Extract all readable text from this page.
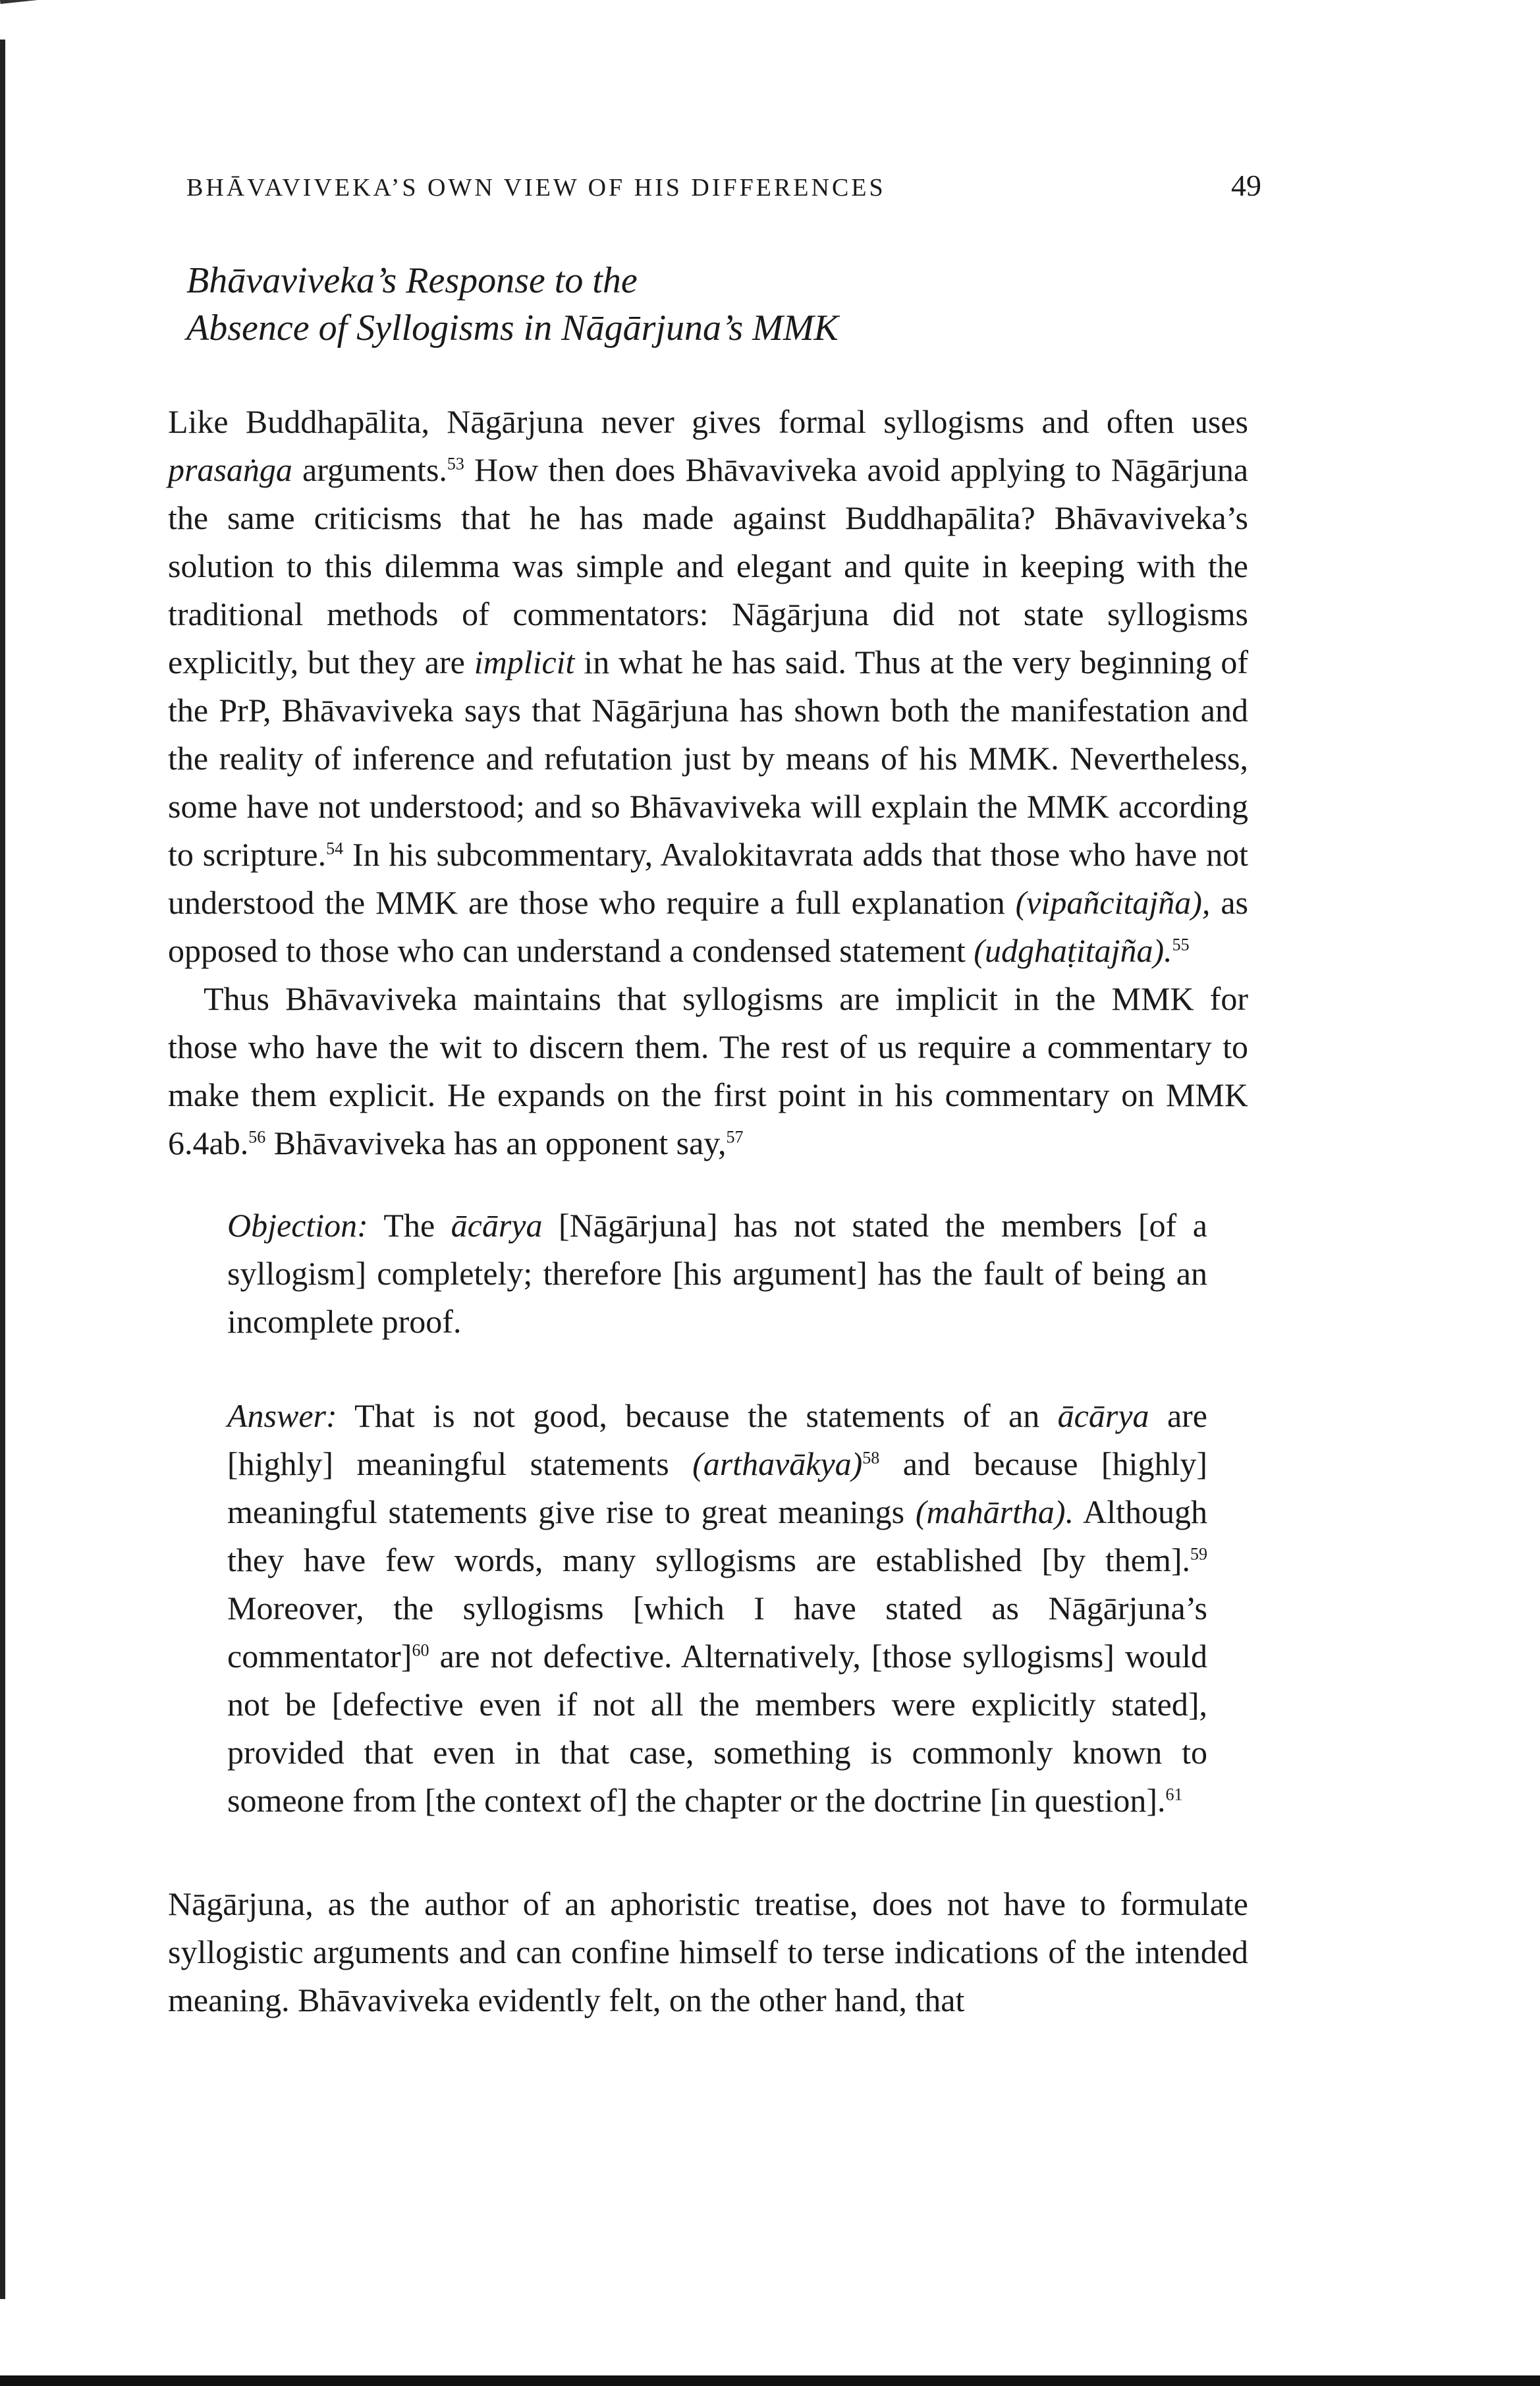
BHĀVAVIVEKA’S OWN VIEW OF HIS DIFFERENCES	49
Bhāvaviveka’s Response to the
Absence of Syllogisms in Nāgārjuna’s MMK

Like Buddhapālita, Nāgārjuna never gives formal syllogisms and often uses prasaṅga arguments.$^{53}$ How then does Bhāvaviveka avoid applying to Nāgārjuna the same criticisms that he has made against Buddhapālita? Bhāvaviveka’s solution to this dilemma was simple and elegant and quite in keeping with the traditional methods of commentators: Nāgārjuna did not state syllogisms explicitly, but they are implicit in what he has said. Thus at the very beginning of the PrP, Bhāvaviveka says that Nāgārjuna has shown both the manifestation and the reality of inference and refutation just by means of his MMK. Nevertheless, some have not understood; and so Bhāvaviveka will explain the MMK according to scripture.$^{54}$ In his subcommentary, Avalokitavrata adds that those who have not understood the MMK are those who require a full explanation (vipañcitajña), as opposed to those who can understand a condensed statement (udghaṭitajña).$^{55}$

Thus Bhāvaviveka maintains that syllogisms are implicit in the MMK for those who have the wit to discern them. The rest of us require a commentary to make them explicit. He expands on the first point in his commentary on MMK 6.4ab.$^{56}$ Bhāvaviveka has an opponent say,$^{57}$

Objection: The ācārya [Nāgārjuna] has not stated the members [of a syllogism] completely; therefore [his argument] has the fault of being an incomplete proof.

Answer: That is not good, because the statements of an ācārya are [highly] meaningful statements (arthavākya)$^{58}$ and because [highly] meaningful statements give rise to great meanings (mahārtha). Although they have few words, many syllogisms are established [by them].$^{59}$ Moreover, the syllogisms [which I have stated as Nāgārjuna’s commentator]$^{60}$ are not defective. Alternatively, [those syllogisms] would not be [defective even if not all the members were explicitly stated], provided that even in that case, something is commonly known to someone from [the context of] the chapter or the doctrine [in question].$^{61}$

Nāgārjuna, as the author of an aphoristic treatise, does not have to formulate syllogistic arguments and can confine himself to terse indications of the intended meaning. Bhāvaviveka evidently felt, on the other hand, that
